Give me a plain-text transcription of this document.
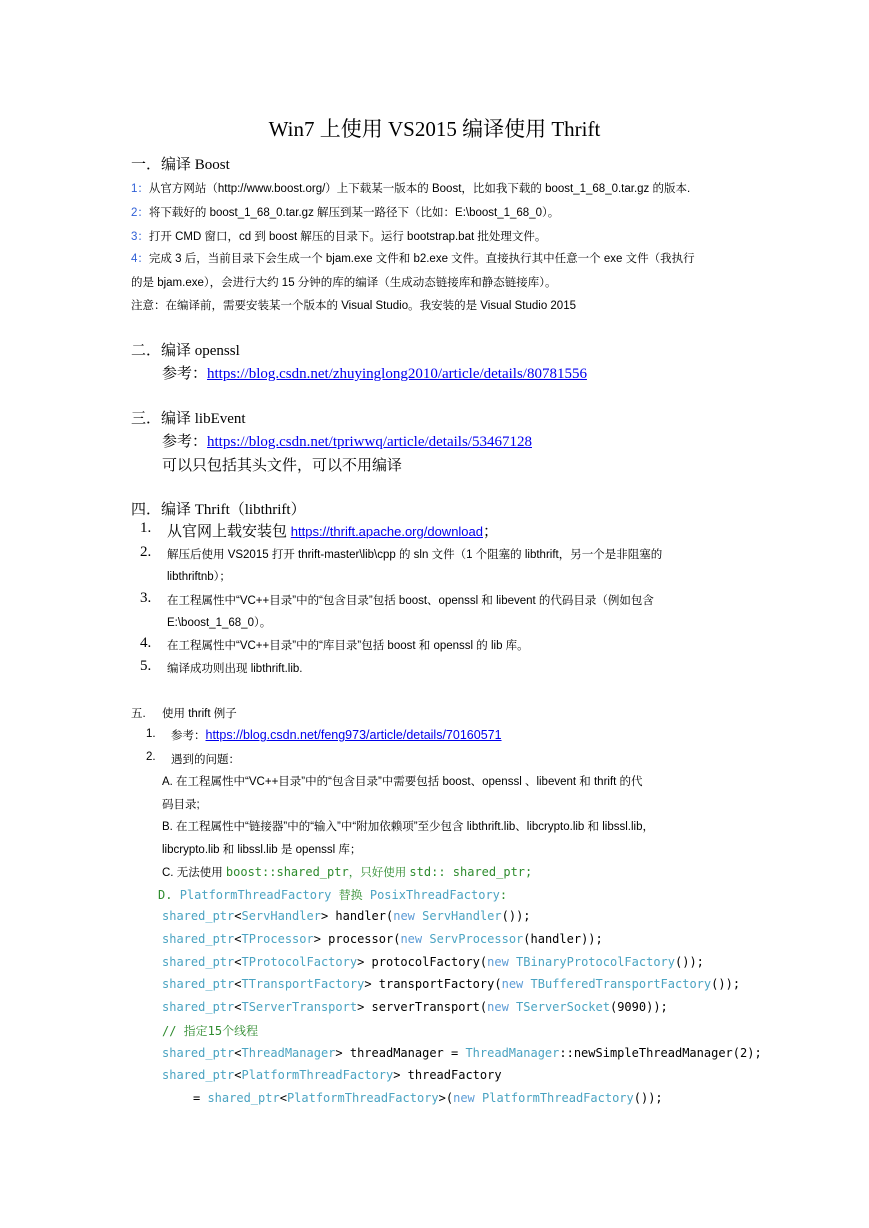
Win7 上使用 VS2015 编译使用 Thrift
一．编译 Boost
1：从官方网站（http://www.boost.org/）上下载某一版本的 Boost，比如我下载的 boost_1_68_0.tar.gz 的版本.
2：将下载好的 boost_1_68_0.tar.gz 解压到某一路径下（比如：E:\boost_1_68_0）。
3：打开 CMD 窗口，cd 到 boost 解压的目录下。运行 bootstrap.bat 批处理文件。
4：完成 3 后，当前目录下会生成一个 bjam.exe 文件和 b2.exe 文件。直接执行其中任意一个 exe 文件（我执行
的是 bjam.exe），会进行大约 15 分钟的库的编译（生成动态链接库和静态链接库）。
注意：在编译前，需要安装某一个版本的 Visual Studio。我安装的是 Visual Studio 2015
二．编译 openssl
参考：https://blog.csdn.net/zhuyinglong2010/article/details/80781556
三．编译 libEvent
参考：https://blog.csdn.net/tpriwwq/article/details/53467128
可以只包括其头文件，可以不用编译
四．编译 Thrift（libthrift）
1. 从官网上载安装包 https://thrift.apache.org/download；
2. 解压后使用 VS2015 打开 thrift-master\lib\cpp 的 sln 文件（1 个阻塞的 libthrift，另一个是非阻塞的
libthriftnb）；
3. 在工程属性中“VC++目录”中的“包含目录”包括 boost、openssl 和 libevent 的代码目录（例如包含
E:\boost_1_68_0）。
4. 在工程属性中“VC++目录”中的“库目录”包括 boost 和 openssl 的 lib 库。
5. 编译成功则出现 libthrift.lib.
五. 使用 thrift 例子
1. 参考：https://blog.csdn.net/feng973/article/details/70160571
2. 遇到的问题：
A. 在工程属性中“VC++目录”中的“包含目录”中需要包括 boost、openssl 、libevent 和 thrift 的代
码目录;
B. 在工程属性中“链接器”中的“输入”中“附加依赖项”至少包含 libthrift.lib、libcrypto.lib 和 libssl.lib，
libcrypto.lib 和 libssl.lib 是 openssl 库；
C. 无法使用 boost::shared_ptr，只好使用 std:: shared_ptr;
D. PlatformThreadFactory 替换 PosixThreadFactory:
shared_ptr<ServHandler> handler(new ServHandler());
shared_ptr<TProcessor> processor(new ServProcessor(handler));
shared_ptr<TProtocolFactory> protocolFactory(new TBinaryProtocolFactory());
shared_ptr<TTransportFactory> transportFactory(new TBufferedTransportFactory());
shared_ptr<TServerTransport> serverTransport(new TServerSocket(9090));
// 指定15个线程
shared_ptr<ThreadManager> threadManager = ThreadManager::newSimpleThreadManager(2);
shared_ptr<PlatformThreadFactory> threadFactory
= shared_ptr<PlatformThreadFactory>(new PlatformThreadFactory());
